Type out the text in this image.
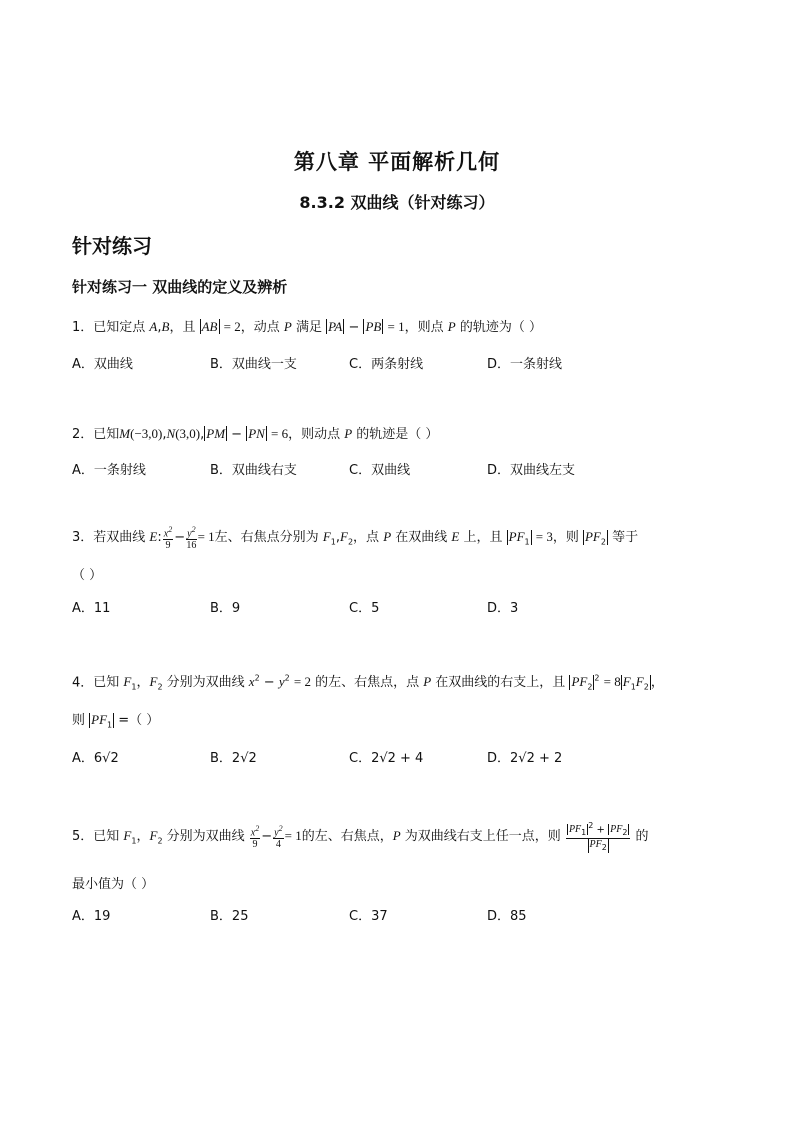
第八章 平面解析几何
8.3.2 双曲线（针对练习）
针对练习
针对练习一 双曲线的定义及辨析
1．已知定点 A,B，且 AB = 2，动点 P 满足 PA − PB = 1，则点 P 的轨迹为（ ）
A．双曲线	B．双曲线一支	C．两条射线	D．一条射线
2．已知M(−3,0),N(3,0), PM − PN = 6，则动点 P 的轨迹是（ ）
A．一条射线	B．双曲线右支	C．双曲线	D．双曲线左支
3．若双曲线 E: $\frac{x^2}{9} - \frac{y^2}{16} = 1$左、右焦点分别为 $F_1,F_2$，点 P 在双曲线 E 上，且 $PF_1 = 3$，则 $PF_2$ 等于
（ ）
A．11	B．9	C．5	D．3
4．已知 $F_1$，$F_2$ 分别为双曲线 $x^2 - y^2 = 2$ 的左、右焦点，点 P 在双曲线的右支上，且 $PF_2^2 = 8$ $F_1F_2$ ，
则 $PF_1$ =（ ）
A．6√2	B．2√2	C．2√2 + 4	D．2√2 + 2
5．已知 $F_1$，$F_2$ 分别为双曲线 $\frac{x^2}{9} - \frac{y^2}{4} = 1$的左、右焦点，P 为双曲线右支上任一点，则 $\frac{PF_1^2 + PF_2}{PF_2}$ 的
最小值为（ ）
A．19	B．25	C．37	D．85
